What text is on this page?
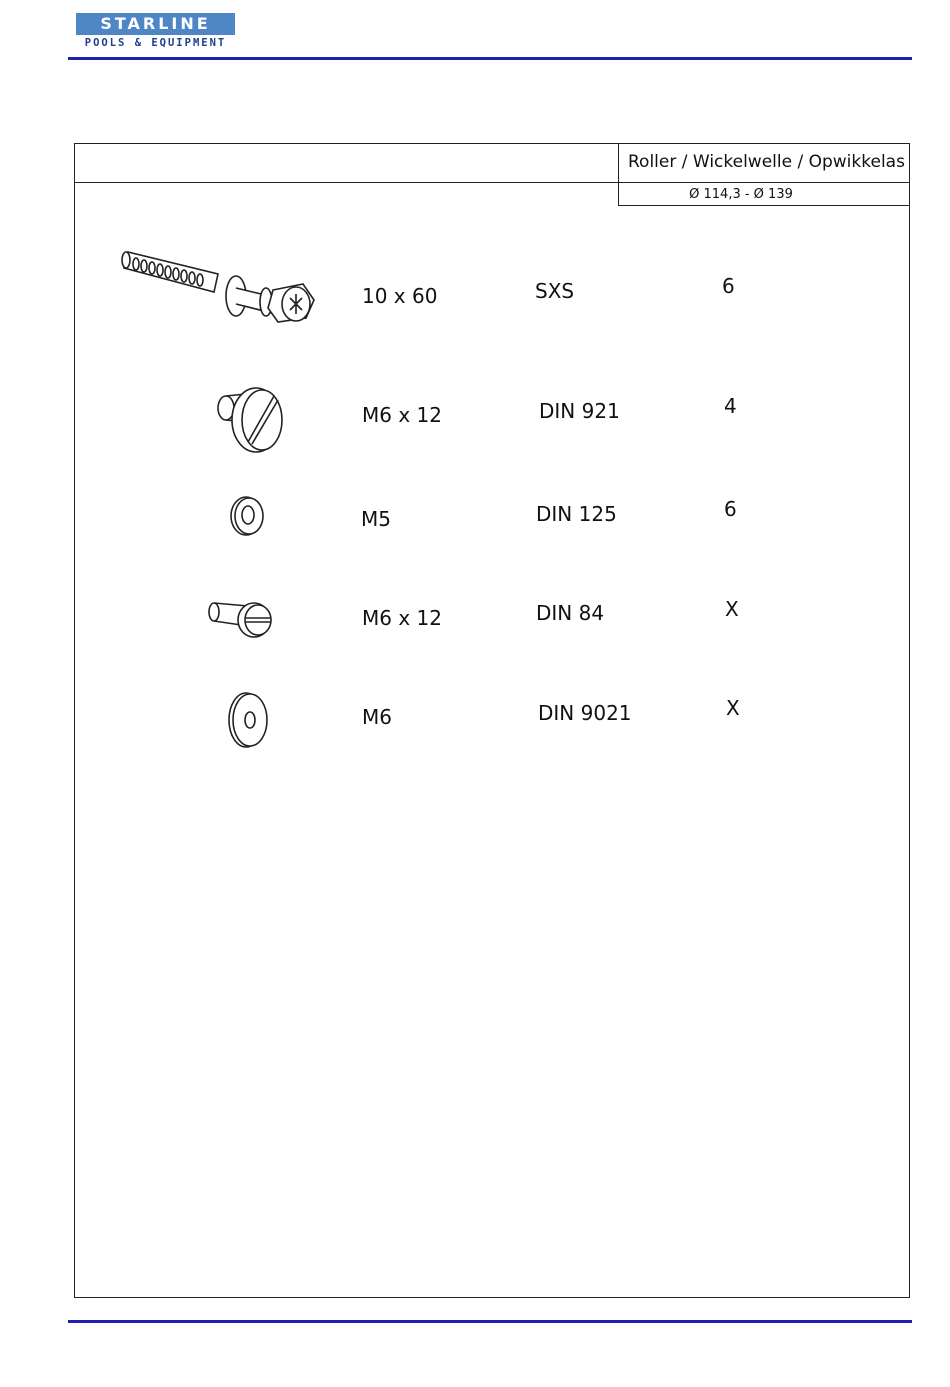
STARLINE
POOLS & EQUIPMENT
Roller / Wickelwelle / Opwikkelas
Ø 114,3 - Ø 139
10 x 60	SXS	6
M6 x 12	DIN 921	4
M5	DIN 125	6
M6 x 12	DIN 84	X
M6	DIN 9021	X
